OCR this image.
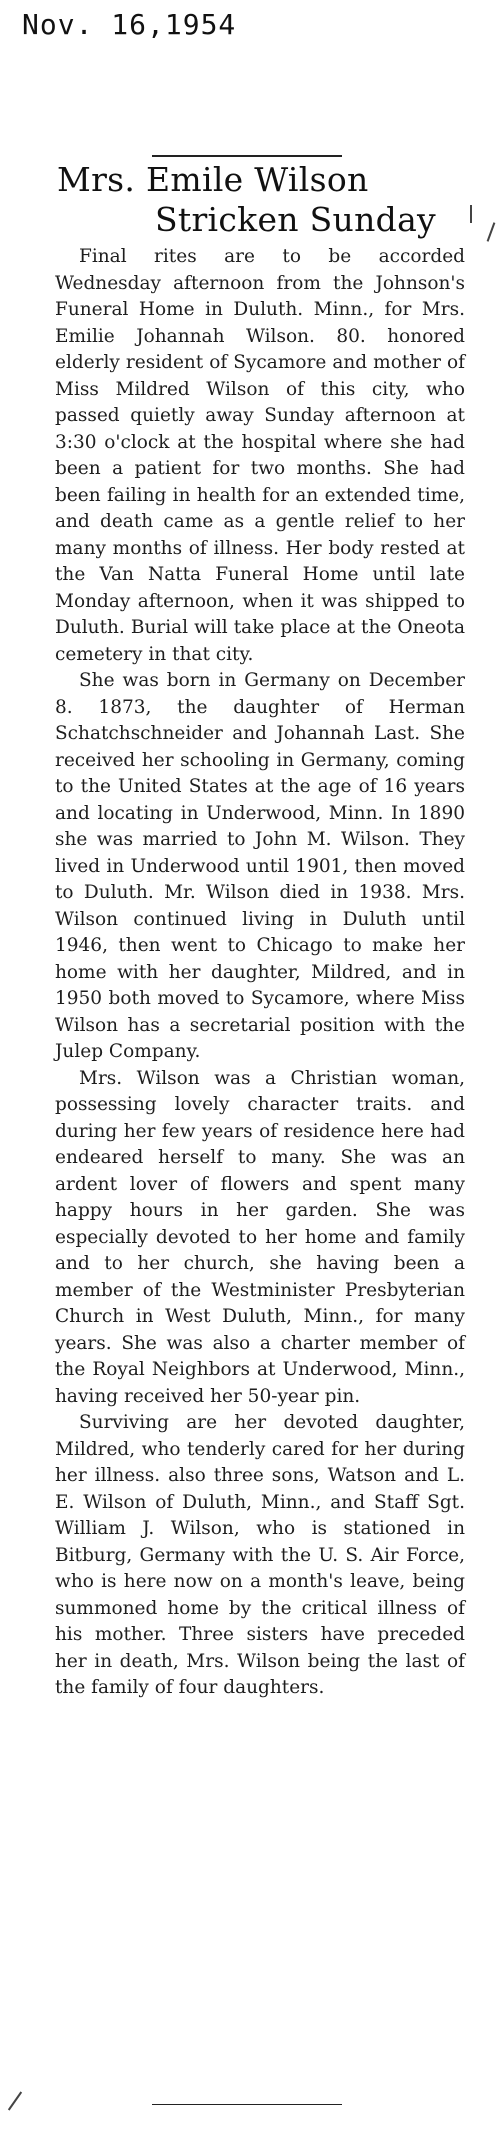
Nov. 16,1954
Mrs. Emile Wilson
Stricken Sunday

Final rites are to be accorded Wednesday afternoon from the Johnson's Funeral Home in Duluth. Minn., for Mrs. Emilie Johannah Wilson. 80. honored elderly resident of Sycamore and mother of Miss Mildred Wilson of this city, who passed quietly away Sunday afternoon at 3:30 o'clock at the hospital where she had been a patient for two months. She had been failing in health for an extended time, and death came as a gentle relief to her many months of illness. Her body rested at the Van Natta Funeral Home until late Monday afternoon, when it was shipped to Duluth. Burial will take place at the Oneota cemetery in that city.

She was born in Germany on December 8. 1873, the daughter of Herman Schatchschneider and Johannah Last. She received her schooling in Germany, coming to the United States at the age of 16 years and locating in Underwood, Minn. In 1890 she was married to John M. Wilson. They lived in Underwood until 1901, then moved to Duluth. Mr. Wilson died in 1938. Mrs. Wilson continued living in Duluth until 1946, then went to Chicago to make her home with her daughter, Mildred, and in 1950 both moved to Sycamore, where Miss Wilson has a secretarial position with the Julep Company.

Mrs. Wilson was a Christian woman, possessing lovely character traits. and during her few years of residence here had endeared herself to many. She was an ardent lover of flowers and spent many happy hours in her garden. She was especially devoted to her home and family and to her church, she having been a member of the Westminister Presbyterian Church in West Duluth, Minn., for many years. She was also a charter member of the Royal Neighbors at Underwood, Minn., having received her 50-year pin.

Surviving are her devoted daughter, Mildred, who tenderly cared for her during her illness. also three sons, Watson and L. E. Wilson of Duluth, Minn., and Staff Sgt. William J. Wilson, who is stationed in Bitburg, Germany with the U. S. Air Force, who is here now on a month's leave, being summoned home by the critical illness of his mother. Three sisters have preceded her in death, Mrs. Wilson being the last of the family of four daughters.
